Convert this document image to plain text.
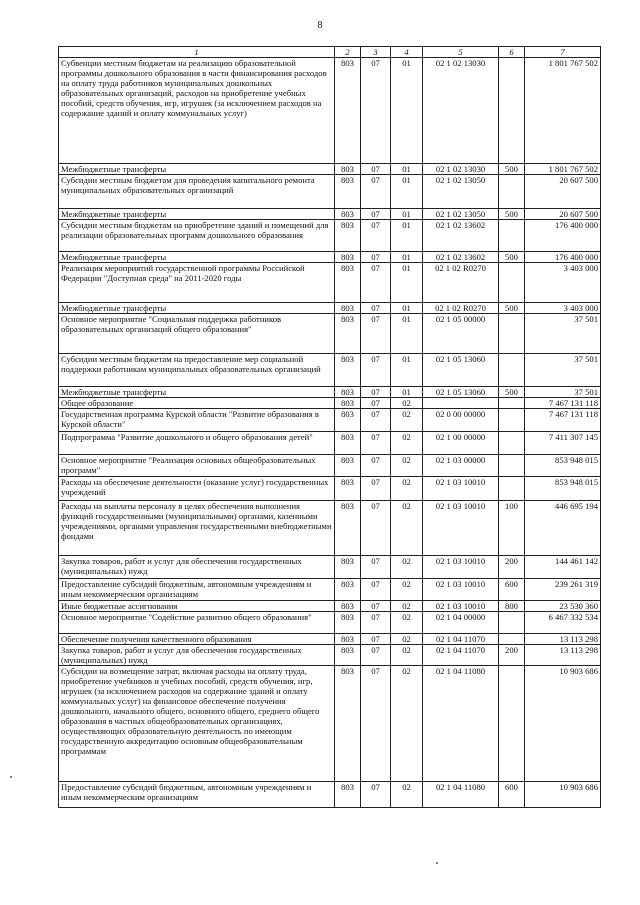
8
1	2	3	4	5	6	7
Субвенции местным бюджетам на реализацию образовательной программы дошкольного образования в части финансирования расходов на оплату труда работников муниципальных дошкольных образовательных организаций, расходов на приобретение учебных пособий, средств обучения, игр, игрушек (за исключением расходов на содержание зданий и оплату коммунальных услуг)	803	07	01	02 1 02 13030		1 801 767 502
Межбюджетные трансферты	803	07	01	02 1 02 13030	500	1 801 767 502
Субсидии местным бюджетам для проведения капитального ремонта муниципальных образовательных организаций	803	07	01	02 1 02 13050		20 607 500
Межбюджетные трансферты	803	07	01	02 1 02 13050	500	20 607 500
Субсидии местным бюджетам на приобретение зданий и помещений для реализации образовательных программ дошкольного образования	803	07	01	02 1 02 13602		176 400 000
Межбюджетные трансферты	803	07	01	02 1 02 13602	500	176 400 000
Реализация мероприятий государственной программы Российской Федерации "Доступная среда" на 2011-2020 годы	803	07	01	02 1 02 R0270		3 403 000
Межбюджетные трансферты	803	07	01	02 1 02 R0270	500	3 403 000
Основное мероприятие "Социальная поддержка работников образовательных организаций общего образования"	803	07	01	02 1 05 00000		37 501
Субсидии местным бюджетам на предоставление мер социальной поддержки работникам муниципальных образовательных организаций	803	07	01	02 1 05 13060		37 501
Межбюджетные трансферты	803	07	01	02 1 05 13060	500	37 501
Общее образование	803	07	02			7 467 131 118
Государственная программа Курской области "Развитие образования в Курской области"	803	07	02	02 0 00 00000		7 467 131 118
Подпрограмма "Развитие дошкольного и общего образования детей"	803	07	02	02 1 00 00000		7 411 307 145
Основное мероприятие "Реализация основных общеобразовательных программ"	803	07	02	02 1 03 00000		853 948 015
Расходы на обеспечение деятельности (оказание услуг) государственных учреждений	803	07	02	02 1 03 10010		853 948 015
Расходы на выплаты персоналу в целях обеспечения выполнения функций государственными (муниципальными) органами, казенными учреждениями, органами управления государственными внебюджетными фондами	803	07	02	02 1 03 10010	100	446 695 194
Закупка товаров, работ и услуг для обеспечения государственных (муниципальных) нужд	803	07	02	02 1 03 10010	200	144 461 142
Предоставление субсидий бюджетным, автономным учреждениям и иным некоммерческим организациям	803	07	02	02 1 03 10010	600	239 261 319
Иные бюджетные ассигнования	803	07	02	02 1 03 10010	800	23 530 360
Основное мероприятие "Содействие развитию общего образования"	803	07	02	02 1 04 00000		6 467 332 534
Обеспечение получения качественного образования	803	07	02	02 1 04 11070		13 113 298
Закупка товаров, работ и услуг для обеспечения государственных (муниципальных) нужд	803	07	02	02 1 04 11070	200	13 113 298
Субсидии на возмещение затрат, включая расходы на оплату труда, приобретение учебников и учебных пособий, средств обучения, игр, игрушек (за исключением расходов на содержание зданий и оплату коммунальных услуг) на финансовое обеспечение получения дошкольного, начального общего, основного общего, среднего общего образования в частных общеобразовательных организациях, осуществляющих образовательную деятельность по имеющим государственную аккредитацию основным общеобразовательным программам	803	07	02	02 1 04 11080		10 903 686
Предоставление субсидий бюджетным, автономным учреждениям и иным некоммерческим организациям	803	07	02	02 1 04 11080	600	10 903 686
